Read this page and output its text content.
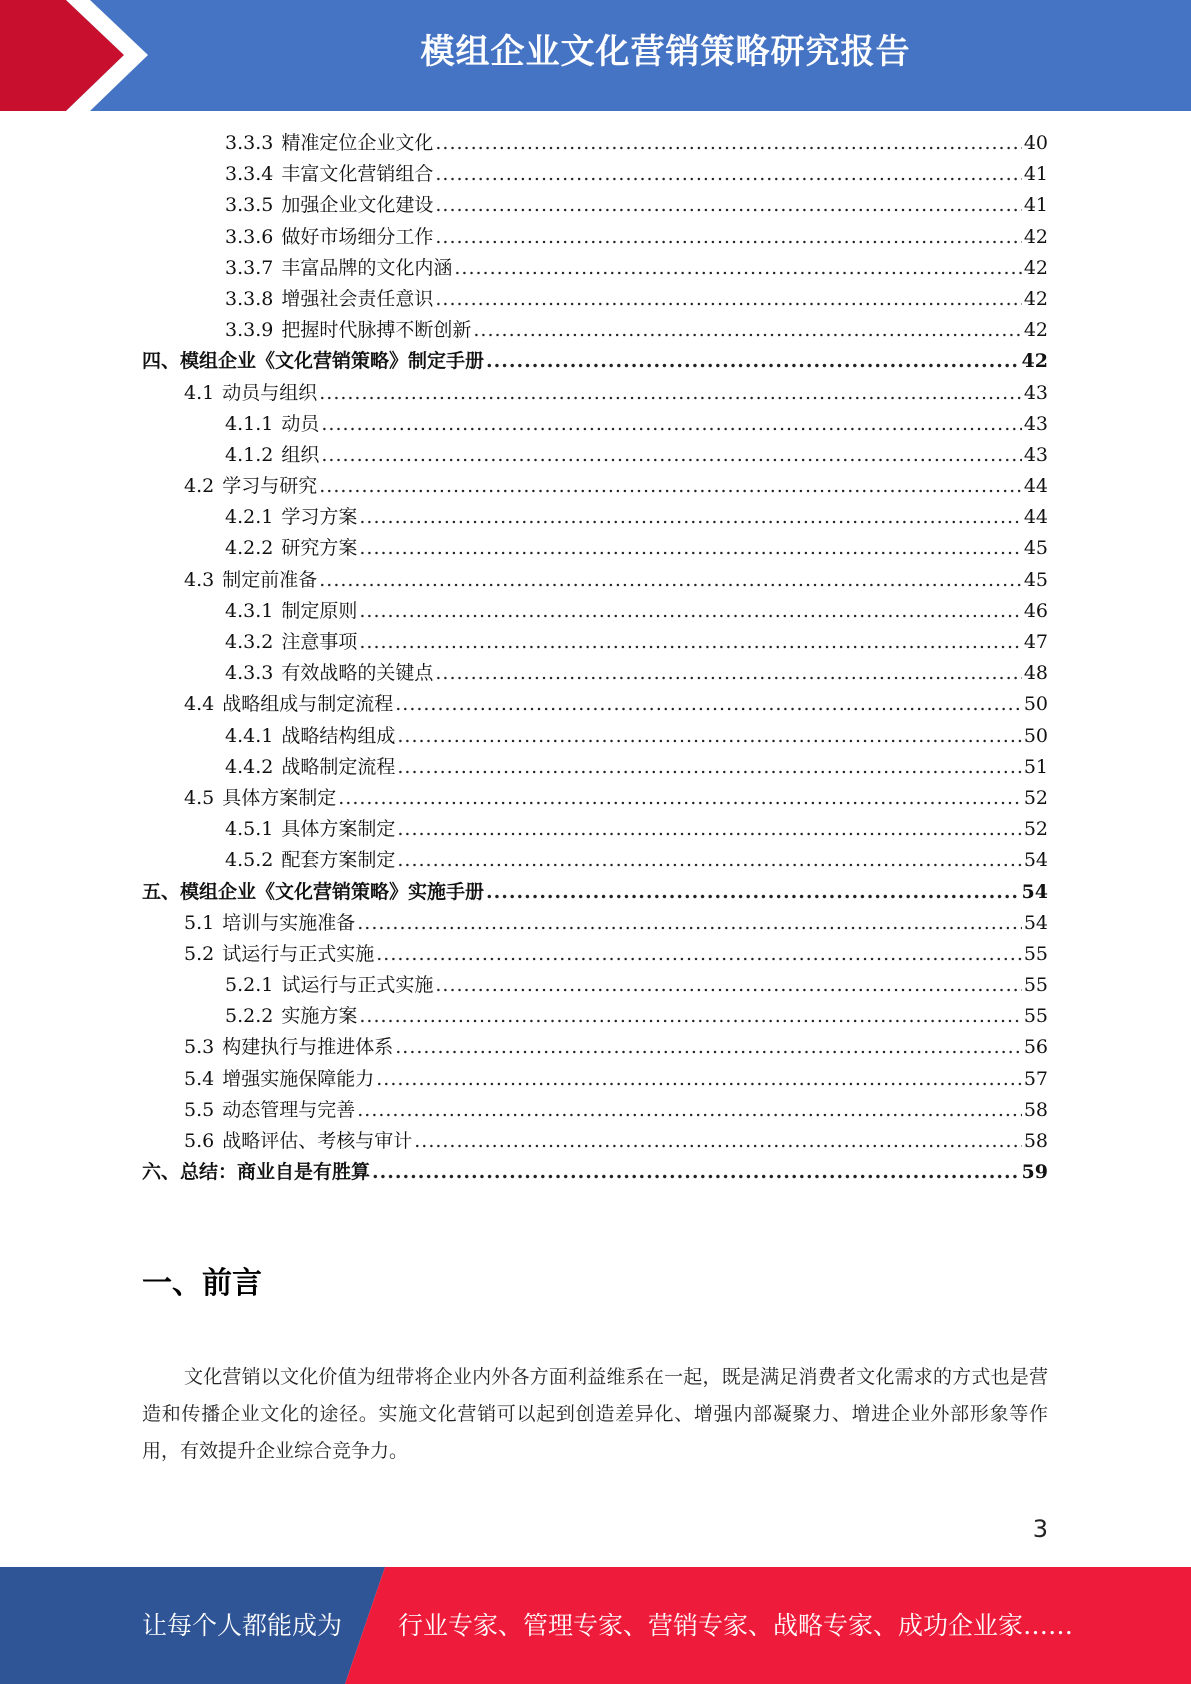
模组企业文化营销策略研究报告
3.3.3 精准定位企业文化 .....	40
3.3.4 丰富文化营销组合 .....	41
3.3.5 加强企业文化建设 .....	41
3.3.6 做好市场细分工作 .....	42
3.3.7 丰富品牌的文化内涵 .....	42
3.3.8 增强社会责任意识 .....	42
3.3.9 把握时代脉搏不断创新 .....	42
四、模组企业《文化营销策略》制定手册 .....	42
4.1 动员与组织 .....	43
4.1.1 动员 .....	43
4.1.2 组织 .....	43
4.2 学习与研究 .....	44
4.2.1 学习方案 .....	44
4.2.2 研究方案 .....	45
4.3 制定前准备 .....	45
4.3.1 制定原则 .....	46
4.3.2 注意事项 .....	47
4.3.3 有效战略的关键点 .....	48
4.4 战略组成与制定流程 .....	50
4.4.1 战略结构组成 .....	50
4.4.2 战略制定流程 .....	51
4.5 具体方案制定 .....	52
4.5.1 具体方案制定 .....	52
4.5.2 配套方案制定 .....	54
五、模组企业《文化营销策略》实施手册 .....	54
5.1 培训与实施准备 .....	54
5.2 试运行与正式实施 .....	55
5.2.1 试运行与正式实施 .....	55
5.2.2 实施方案 .....	55
5.3 构建执行与推进体系 .....	56
5.4 增强实施保障能力 .....	57
5.5 动态管理与完善 .....	58
5.6 战略评估、考核与审计 .....	58
六、总结：商业自是有胜算 .....	59
一、前言

文化营销以文化价值为纽带将企业内外各方面利益维系在一起，既是满足消费者文化需求的方式也是营造和传播企业文化的途径。实施文化营销可以起到创造差异化、增强内部凝聚力、增进企业外部形象等作用，有效提升企业综合竞争力。

3
让每个人都能成为 行业专家、管理专家、营销专家、战略专家、成功企业家……
